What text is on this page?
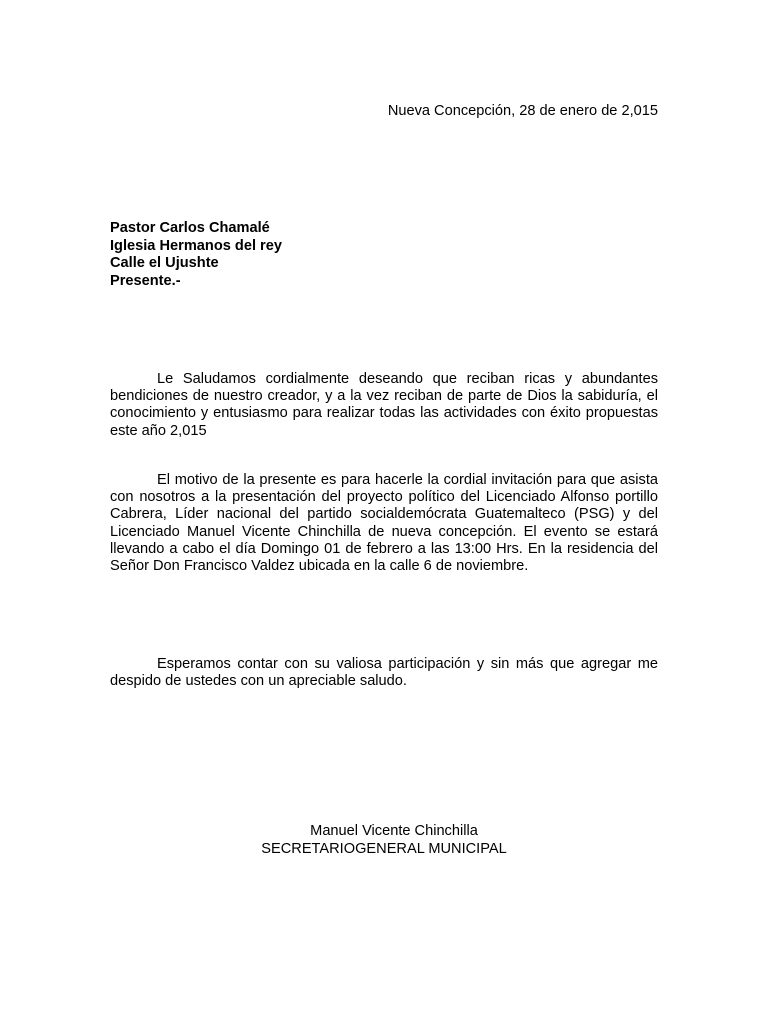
Nueva Concepción, 28 de enero de 2,015
Pastor Carlos Chamalé
Iglesia Hermanos del rey
Calle el Ujushte
Presente.-

Le Saludamos cordialmente deseando que reciban ricas y abundantes bendiciones de nuestro creador, y a la vez reciban de parte de Dios la sabiduría, el conocimiento y entusiasmo para realizar todas las actividades con éxito propuestas este año 2,015

El motivo de la presente es para hacerle la cordial invitación para que asista con nosotros a la presentación del proyecto político del Licenciado Alfonso portillo Cabrera, Líder nacional del partido socialdemócrata Guatemalteco (PSG) y del Licenciado Manuel Vicente Chinchilla de nueva concepción. El evento se estará llevando a cabo el día Domingo 01 de febrero a las 13:00 Hrs. En la residencia del Señor Don Francisco Valdez ubicada en la calle 6 de noviembre.

Esperamos contar con su valiosa participación y sin más que agregar me despido de ustedes con un apreciable saludo.

Manuel Vicente Chinchilla
SECRETARIOGENERAL MUNICIPAL
